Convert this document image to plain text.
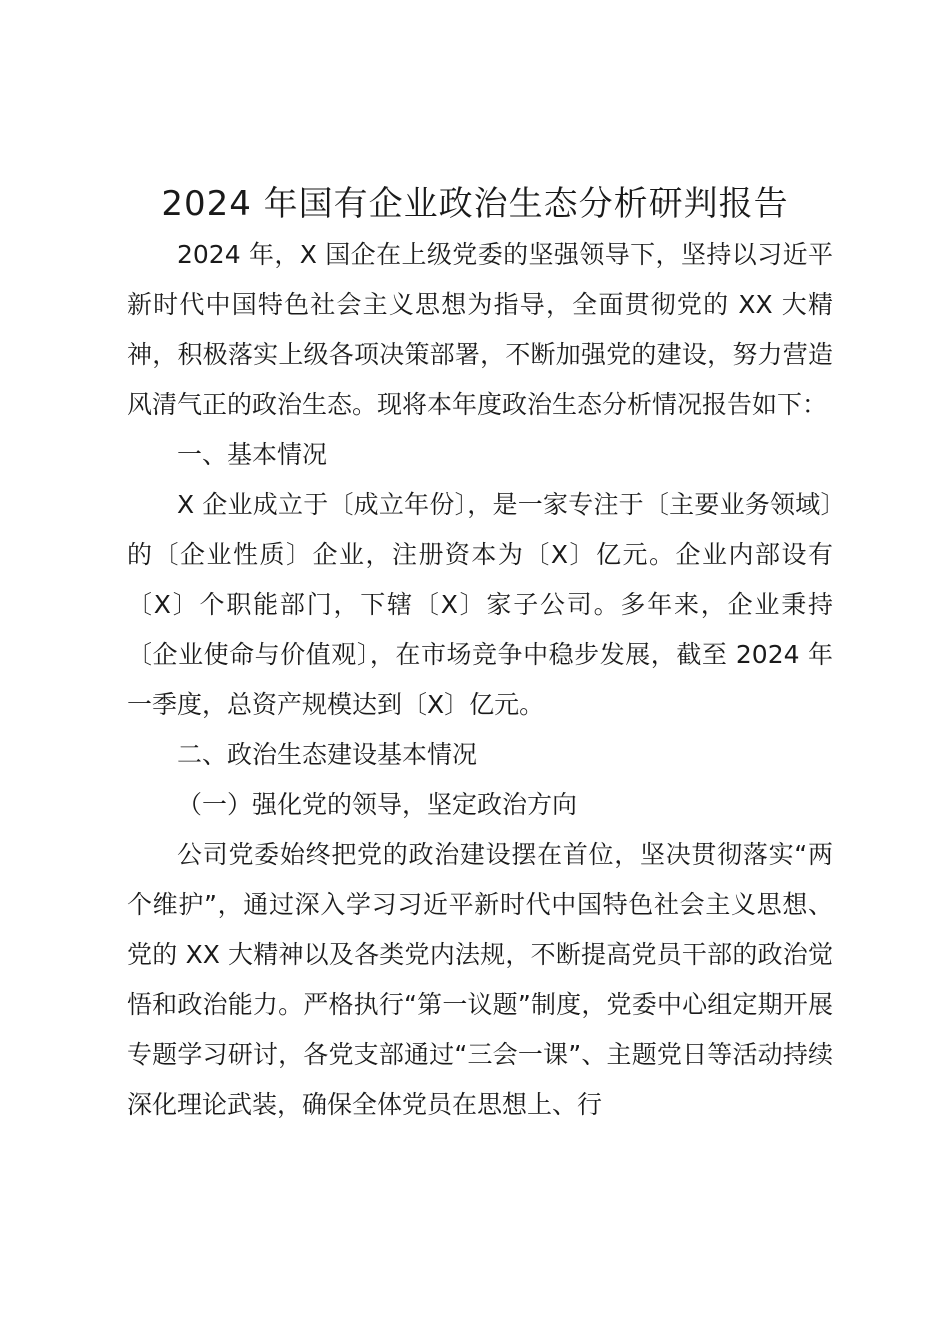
2024 年国有企业政治生态分析研判报告

2024 年，X 国企在上级党委的坚强领导下，坚持以习近平新时代中国特色社会主义思想为指导，全面贯彻党的 XX 大精神，积极落实上级各项决策部署，不断加强党的建设，努力营造风清气正的政治生态。现将本年度政治生态分析情况报告如下：

一、基本情况

X 企业成立于〔成立年份〕，是一家专注于〔主要业务领域〕的〔企业性质〕企业，注册资本为〔X〕亿元。企业内部设有〔X〕个职能部门，下辖〔X〕家子公司。多年来，企业秉持〔企业使命与价值观〕，在市场竞争中稳步发展，截至 2024 年一季度，总资产规模达到〔X〕亿元。

二、政治生态建设基本情况

（一）强化党的领导，坚定政治方向

公司党委始终把党的政治建设摆在首位，坚决贯彻落实“两个维护”，通过深入学习习近平新时代中国特色社会主义思想、党的 XX 大精神以及各类党内法规，不断提高党员干部的政治觉悟和政治能力。严格执行“第一议题”制度，党委中心组定期开展专题学习研讨，各党支部通过“三会一课”、主题党日等活动持续深化理论武装，确保全体党员在思想上、行
